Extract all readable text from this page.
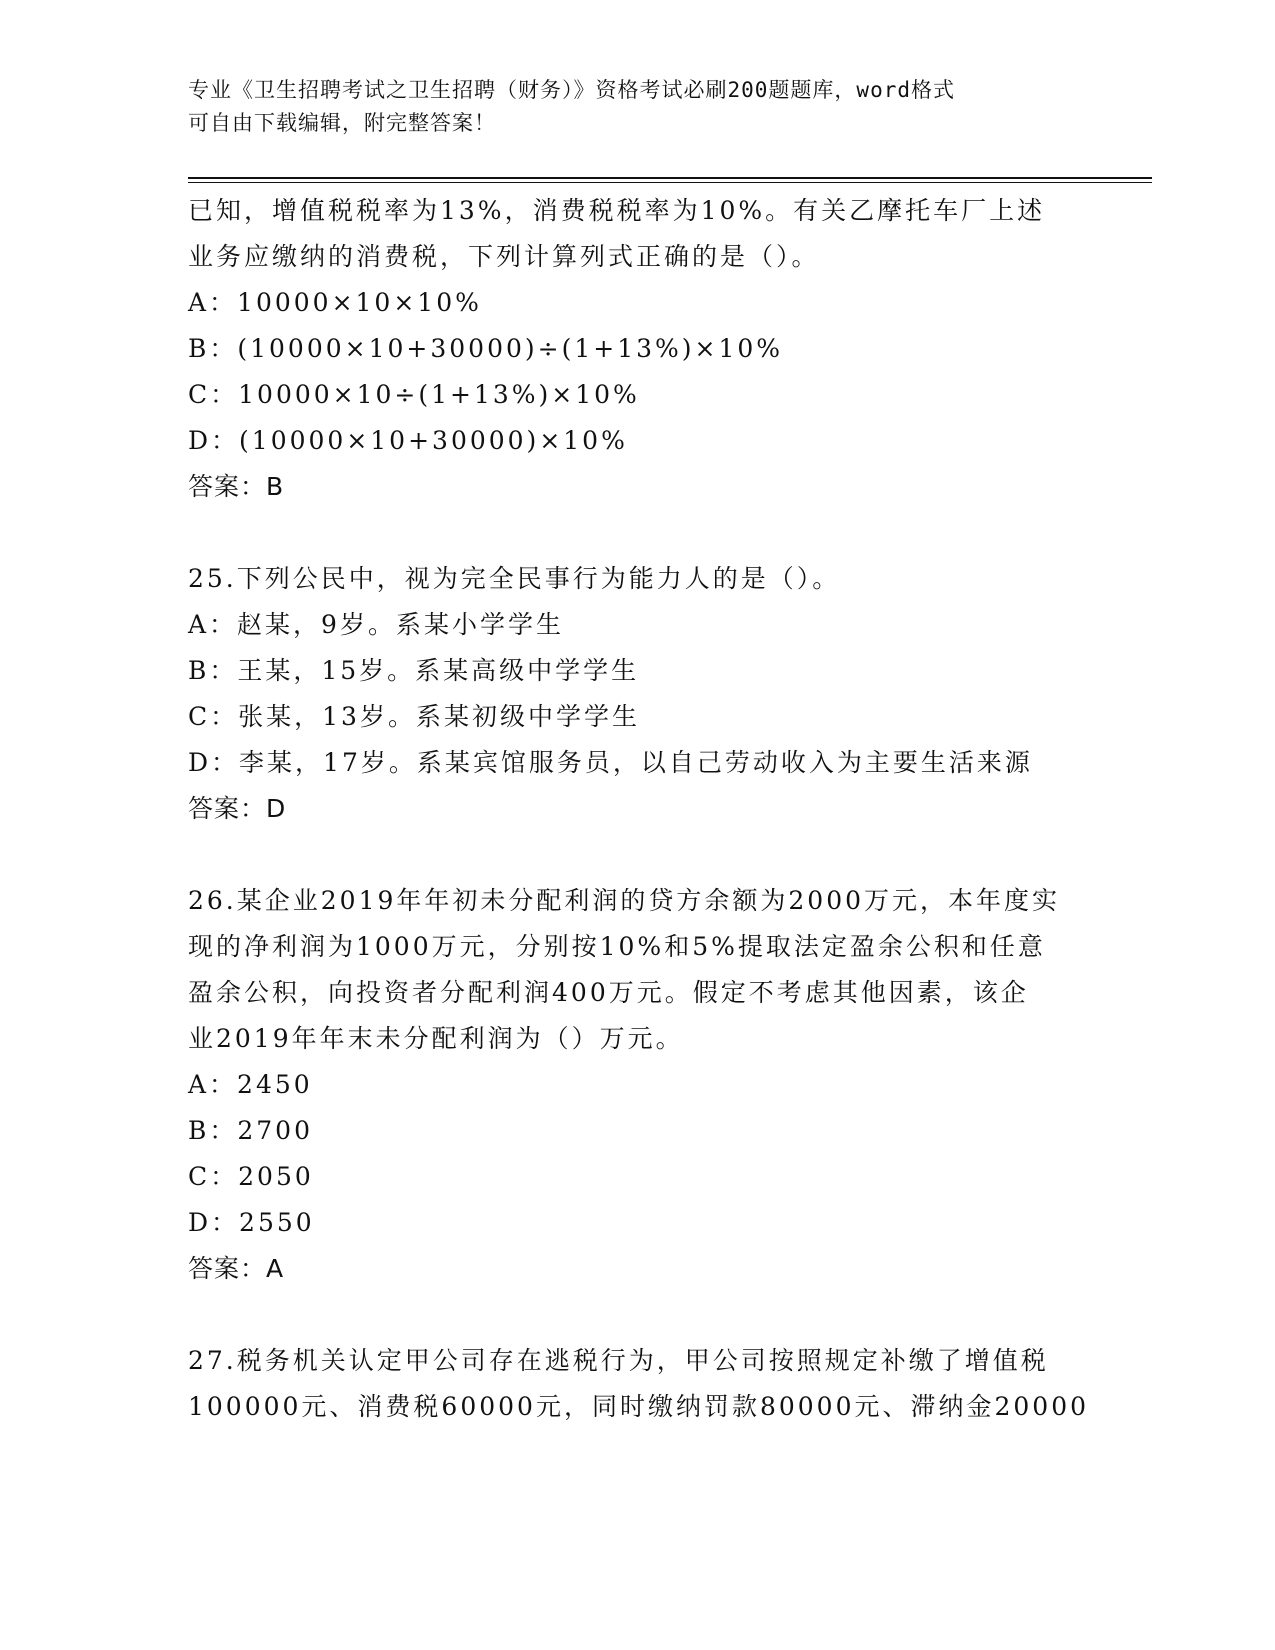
专业《卫生招聘考试之卫生招聘（财务）》资格考试必刷200题题库，word格式
可自由下载编辑，附完整答案！
已知，增值税税率为13%，消费税税率为10%。有关乙摩托车厂上述
业务应缴纳的消费税，下列计算列式正确的是（）。
A：10000×10×10%
B：(10000×10+30000)÷(1+13%)×10%
C：10000×10÷(1+13%)×10%
D：(10000×10+30000)×10%
答案：B
25.下列公民中，视为完全民事行为能力人的是（）。
A：赵某，9岁。系某小学学生
B：王某，15岁。系某高级中学学生
C：张某，13岁。系某初级中学学生
D：李某，17岁。系某宾馆服务员，以自己劳动收入为主要生活来源
答案：D
26.某企业2019年年初未分配利润的贷方余额为2000万元，本年度实
现的净利润为1000万元，分别按10%和5%提取法定盈余公积和任意
盈余公积，向投资者分配利润400万元。假定不考虑其他因素，该企
业2019年年末未分配利润为（）万元。
A：2450
B：2700
C：2050
D：2550
答案：A
27.税务机关认定甲公司存在逃税行为，甲公司按照规定补缴了增值税
100000元、消费税60000元，同时缴纳罚款80000元、滞纳金20000
